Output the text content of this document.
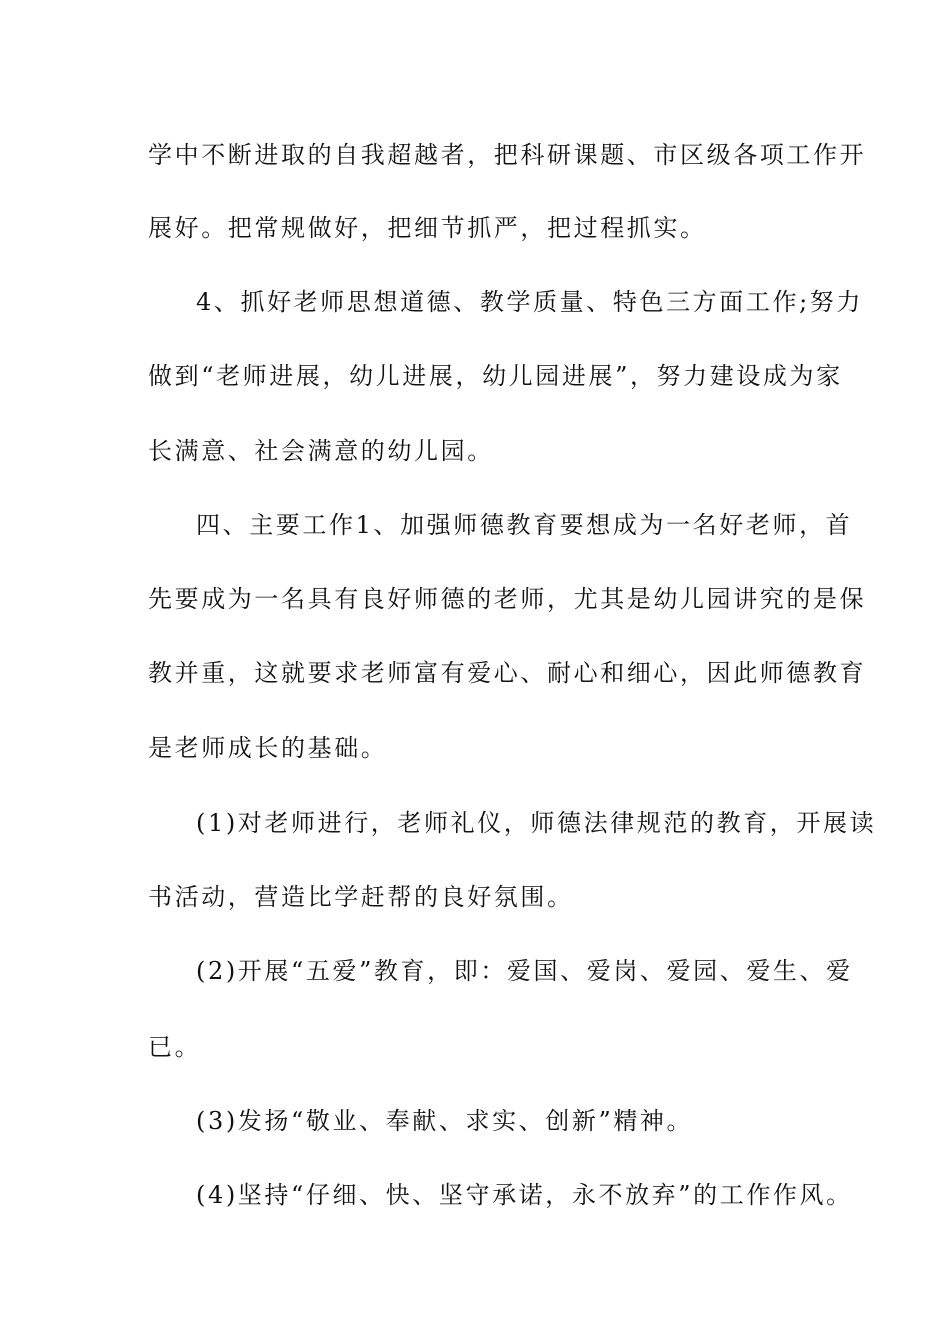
学中不断进取的自我超越者，把科研课题、市区级各项工作开
展好。把常规做好，把细节抓严，把过程抓实。
4、抓好老师思想道德、教学质量、特色三方面工作;努力
做到“老师进展，幼儿进展，幼儿园进展”，努力建设成为家
长满意、社会满意的幼儿园。
四、主要工作1、加强师德教育要想成为一名好老师，首
先要成为一名具有良好师德的老师，尤其是幼儿园讲究的是保
教并重，这就要求老师富有爱心、耐心和细心，因此师德教育
是老师成长的基础。
(1)对老师进行，老师礼仪，师德法律规范的教育，开展读
书活动，营造比学赶帮的良好氛围。
(2)开展“五爱”教育，即：爱国、爱岗、爱园、爱生、爱
已。
(3)发扬“敬业、奉献、求实、创新”精神。
(4)坚持“仔细、快、坚守承诺，永不放弃”的工作作风。
